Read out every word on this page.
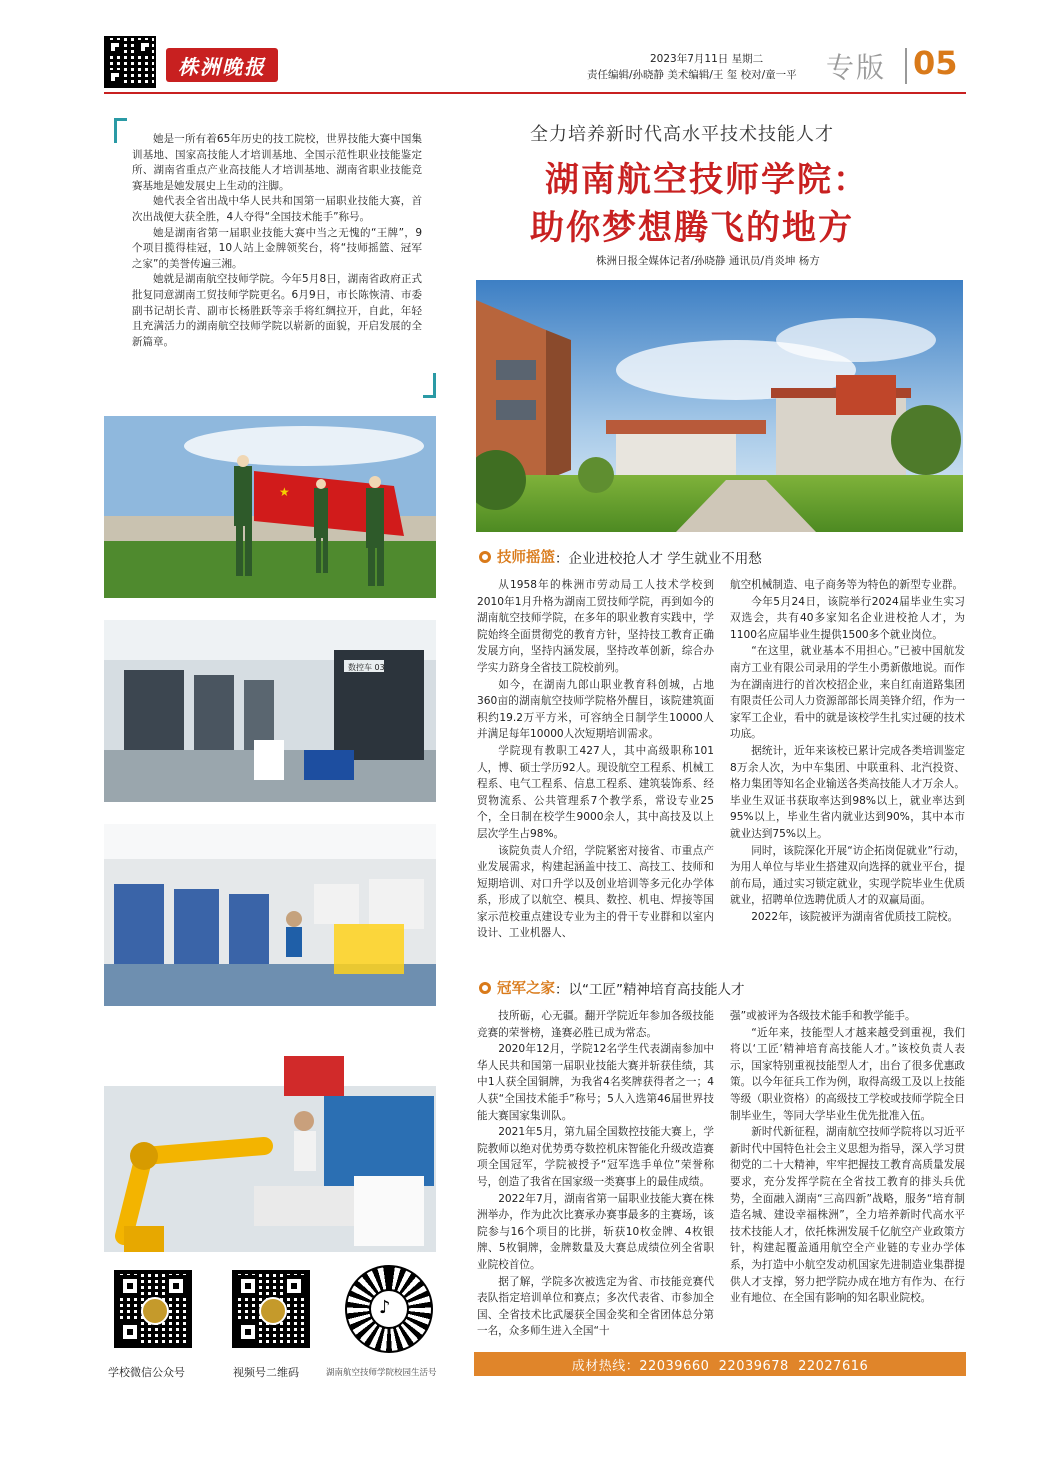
株洲晚报	2023年7月11日 星期二
责任编辑/孙晓静 美术编辑/王 玺 校对/童一平 专版 05

她是一所有着65年历史的技工院校，世界技能大赛中国集训基地、国家高技能人才培训基地、全国示范性职业技能鉴定所、湖南省重点产业高技能人才培训基地、湖南省职业技能竞赛基地是她发展史上生动的注脚。

她代表全省出战中华人民共和国第一届职业技能大赛，首次出战便大获全胜，4人夺得“全国技术能手”称号。

她是湖南省第一届职业技能大赛中当之无愧的“王牌”，9个项目揽得桂冠，10人站上金牌领奖台，将“技师摇篮、冠军之家”的美誉传遍三湘。

她就是湖南航空技师学院。今年5月8日，湖南省政府正式批复同意湖南工贸技师学院更名。6月9日，市长陈恢清、市委副书记胡长青、副市长杨胜跃等亲手将红绸拉开，自此，年轻且充满活力的湖南航空技师学院以崭新的面貌，开启发展的全新篇章。

全力培养新时代高水平技术技能人才
湖南航空技师学院：
助你梦想腾飞的地方
株洲日报全媒体记者/孙晓静 通讯员/肖炎坤 杨方
★
数控车 03
学校微信公众号	视频号二维码
♪
湖南航空技师学院校园生活号
技师摇篮 ：企业进校抢人才 学生就业不用愁

从1958年的株洲市劳动局工人技术学校到2010年1月升格为湖南工贸技师学院，再到如今的湖南航空技师学院，在多年的职业教育实践中，学院始终全面贯彻党的教育方针，坚持技工教育正确发展方向，坚持内涵发展，坚持改革创新，综合办学实力跻身全省技工院校前列。

如今，在湖南九郎山职业教育科创城，占地360亩的湖南航空技师学院格外醒目，该院建筑面积约19.2万平方米，可容纳全日制学生10000人并满足每年10000人次短期培训需求。

学院现有教职工427人，其中高级职称101人，博、硕士学历92人。现设航空工程系、机械工程系、电气工程系、信息工程系、建筑装饰系、经贸物流系、公共管理系7个教学系，常设专业25个，全日制在校学生9000余人，其中高技及以上层次学生占98%。

该院负责人介绍，学院紧密对接省、市重点产业发展需求，构建起涵盖中技工、高技工、技师和短期培训、对口升学以及创业培训等多元化办学体系，形成了以航空、模具、数控、机电、焊接等国家示范校重点建设专业为主的骨干专业群和以室内设计、工业机器人、

航空机械制造、电子商务等为特色的新型专业群。

今年5月24日，该院举行2024届毕业生实习双选会，共有40多家知名企业进校抢人才，为1100名应届毕业生提供1500多个就业岗位。

“在这里，就业基本不用担心。”已被中国航发南方工业有限公司录用的学生小勇新傲地说。而作为在湖南进行的首次校招企业，来自红南道路集团有限责任公司人力资源部部长周美锋介绍，作为一家军工企业，看中的就是该校学生扎实过硬的技术功底。

据统计，近年来该校已累计完成各类培训鉴定8万余人次，为中车集团、中联重科、北汽投资、格力集团等知名企业输送各类高技能人才万余人。毕业生双证书获取率达到98%以上，就业率达到95%以上，毕业生省内就业达到90%，其中本市就业达到75%以上。

同时，该院深化开展“访企拓岗促就业”行动，为用人单位与毕业生搭建双向选择的就业平台，提前布局，通过实习锁定就业，实现学院毕业生优质就业，招聘单位选聘优质人才的双赢局面。

2022年，该院被评为湖南省优质技工院校。

冠军之家 ：以“工匠”精神培育高技能人才

技所砺，心无疆。翻开学院近年参加各级技能竞赛的荣誉榜，逢赛必胜已成为常态。

2020年12月，学院12名学生代表湖南参加中华人民共和国第一届职业技能大赛并斩获佳绩，其中1人获全国铜牌，为我省4名奖牌获得者之一；4人获“全国技术能手”称号；5人入选第46届世界技能大赛国家集训队。

2021年5月，第九届全国数控技能大赛上，学院教师以绝对优势勇夺数控机床智能化升级改造赛项全国冠军，学院被授予“冠军选手单位”荣誉称号，创造了我省在国家级一类赛事上的最佳成绩。

2022年7月，湖南省第一届职业技能大赛在株洲举办，作为此次比赛承办赛事最多的主赛场，该院参与16个项目的比拼，斩获10枚金牌、4枚银牌、5枚铜牌，金牌数量及大赛总成绩位列全省职业院校首位。

据了解，学院多次被选定为省、市技能竞赛代表队指定培训单位和赛点；多次代表省、市参加全国、全省技术比武屡获全国金奖和全省团体总分第一名，众多师生进入全国“十

强”或被评为各级技术能手和教学能手。

“近年来，技能型人才越来越受到重视，我们将以‘工匠’精神培育高技能人才。”该校负责人表示，国家特别重视技能型人才，出台了很多优惠政策。以今年征兵工作为例，取得高级工及以上技能等级（职业资格）的高级技工学校或技师学院全日制毕业生，等同大学毕业生优先批准入伍。

新时代新征程，湖南航空技师学院将以习近平新时代中国特色社会主义思想为指导，深入学习贯彻党的二十大精神，牢牢把握技工教育高质量发展要求，充分发挥学院在全省技工教育的排头兵优势，全面融入湖南“三高四新”战略，服务“培育制造名城、建设幸福株洲”，全力培养新时代高水平技术技能人才，依托株洲发展千亿航空产业政策方针，构建起覆盖通用航空全产业链的专业办学体系，为打造中小航空发动机国家先进制造业集群提供人才支撑，努力把学院办成在地方有作为、在行业有地位、在全国有影响的知名职业院校。

成材热线：22039660  22039678  22027616
